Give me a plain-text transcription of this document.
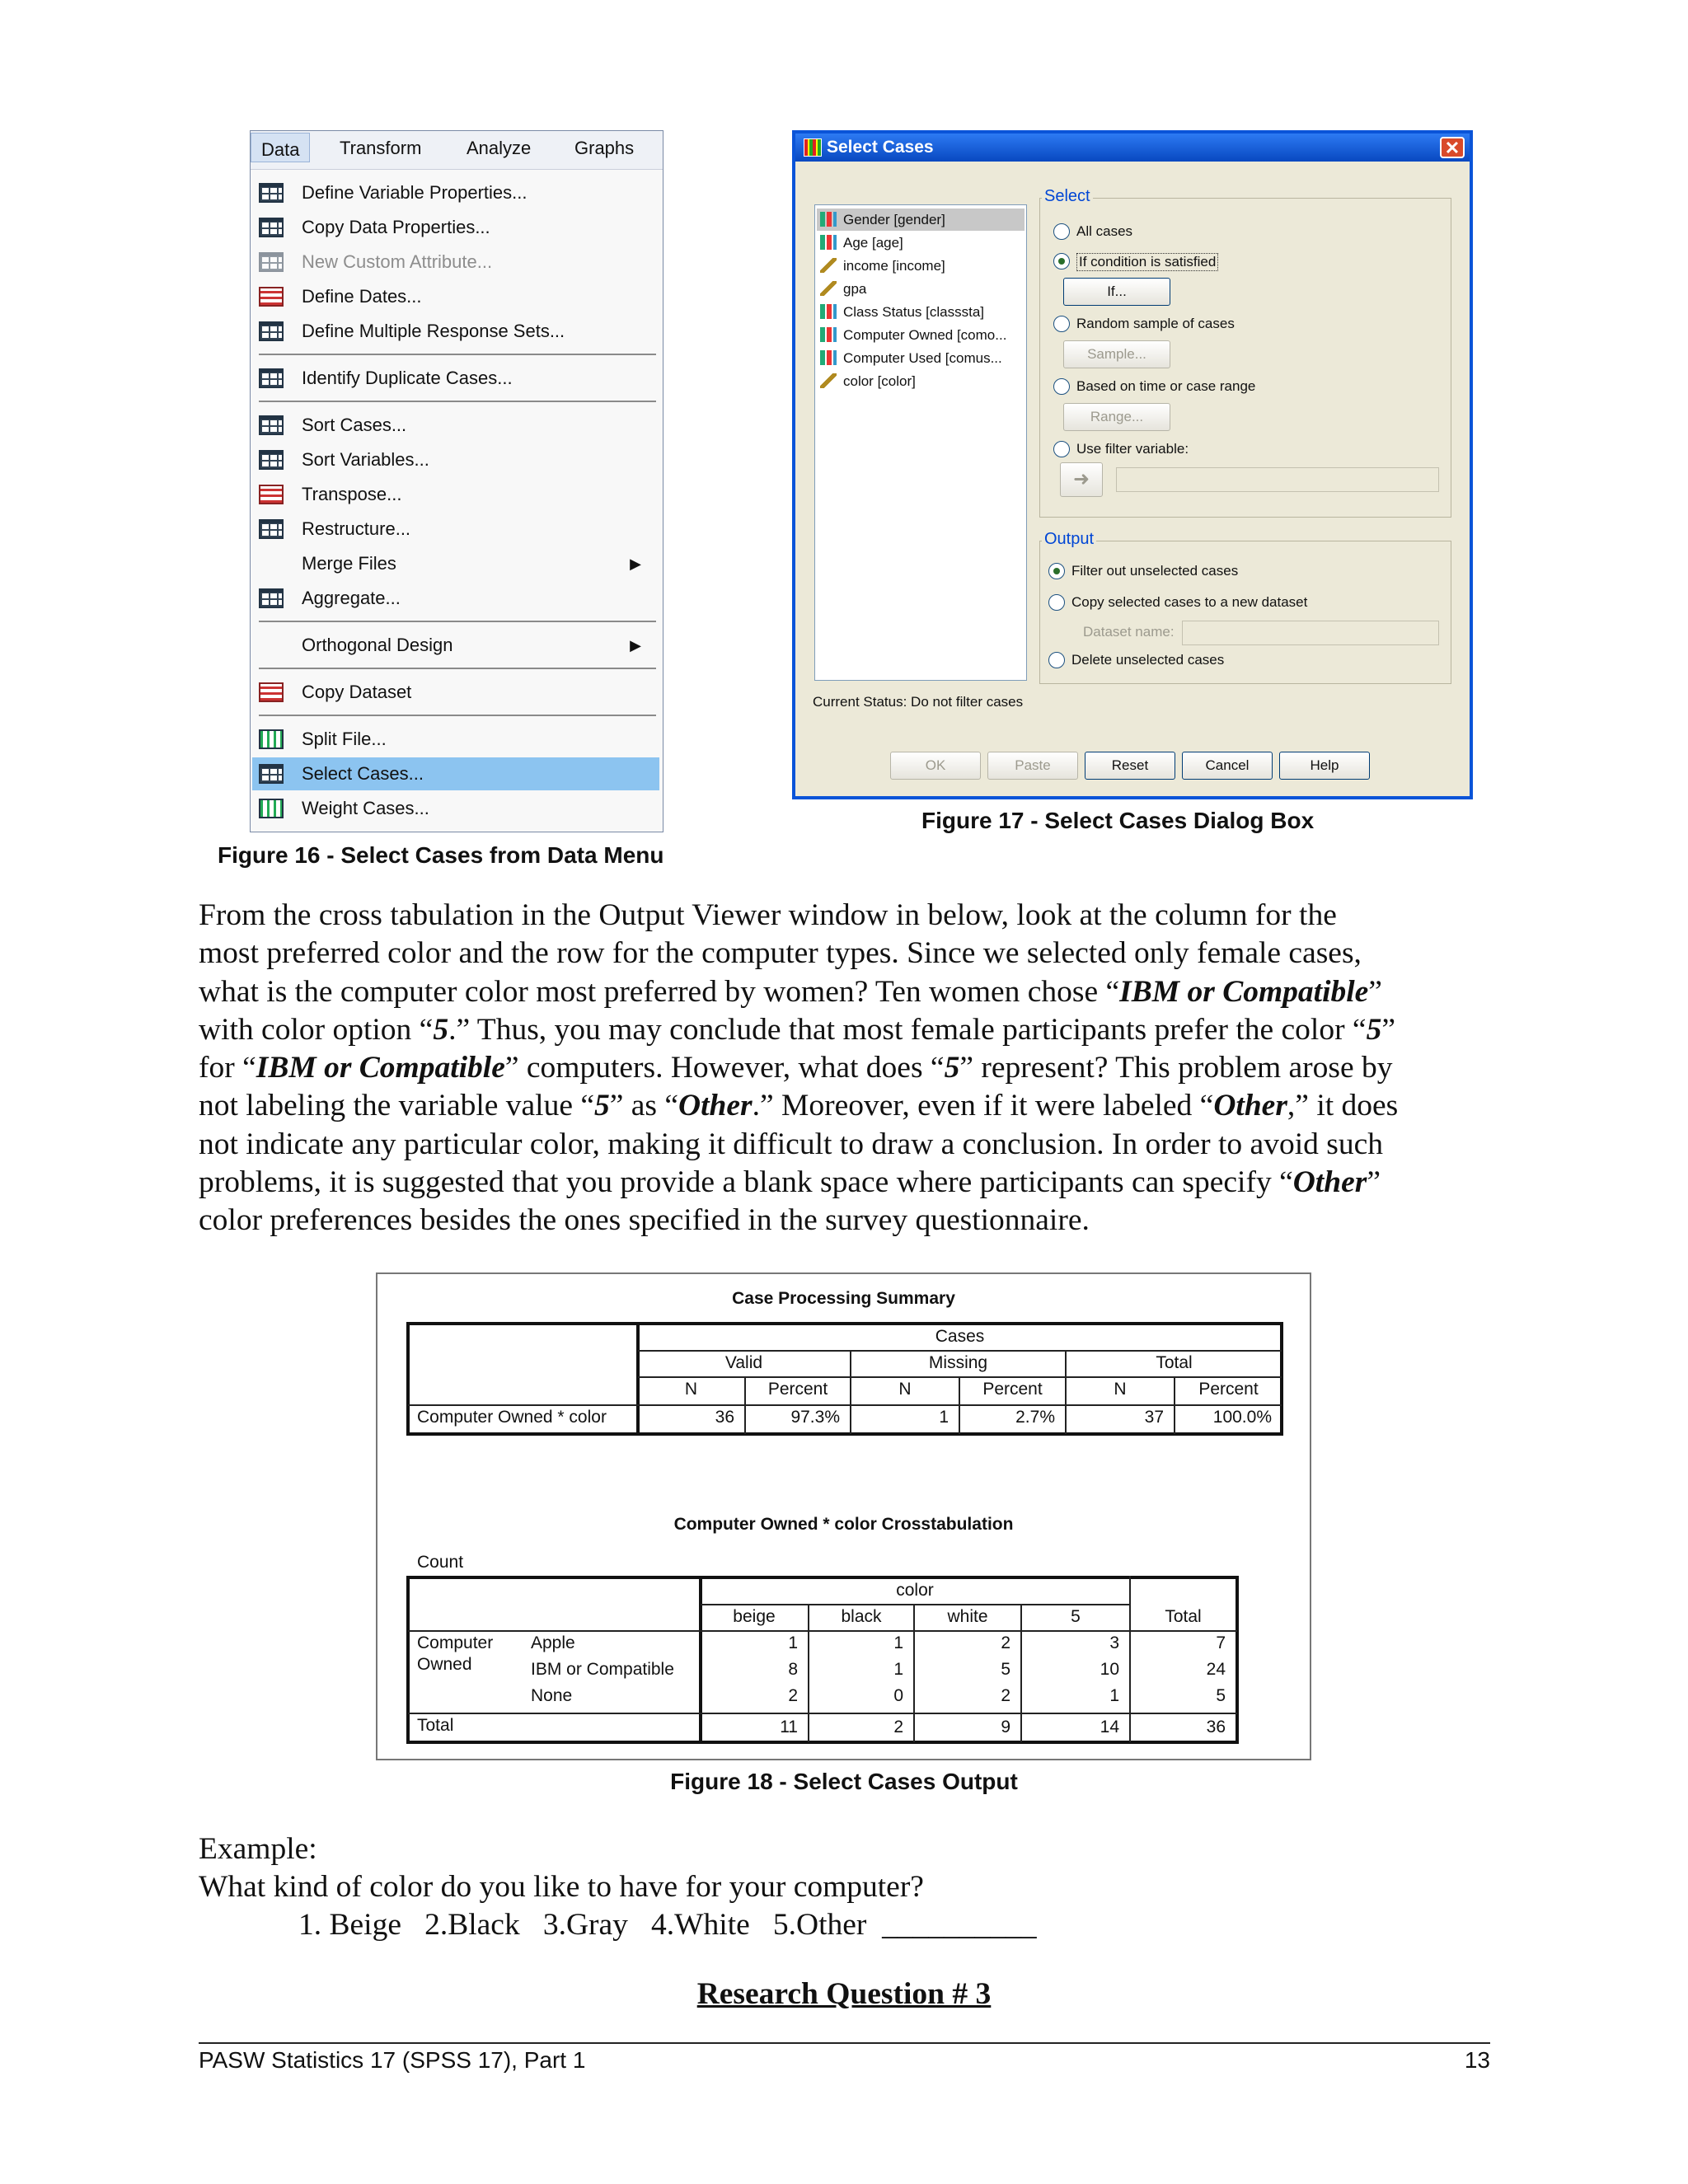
Data	Transform Analyze Graphs
Define Variable Properties...
Copy Data Properties...
New Custom Attribute...
Define Dates...
Define Multiple Response Sets...
Identify Duplicate Cases...
Sort Cases...
Sort Variables...
Transpose...
Restructure...
Merge Files	▶
Aggregate...
Orthogonal Design	▶
Copy Dataset
Split File...
Select Cases...
Weight Cases...
Figure 16 - Select Cases from Data Menu
Select Cases	✕
Gender [gender]
Age [age]
income [income]
gpa
Class Status [classsta]
Computer Owned [como...
Computer Used [comus...
color [color]
Select
All cases
If condition is satisfied
If...
Random sample of cases
Sample...
Based on time or case range
Range...
Use filter variable:
➜
Output
Filter out unselected cases
Copy selected cases to a new dataset
Dataset name:
Delete unselected cases
Current Status: Do not filter cases
OK	Paste	Reset	Cancel	Help
Figure 17 - Select Cases Dialog Box
From the cross tabulation in the Output Viewer window in below, look at the column for the
most preferred color and the row for the computer types. Since we selected only female cases,
what is the computer color most preferred by women? Ten women chose “IBM or Compatible”
with color option “5.” Thus, you may conclude that most female participants prefer the color “5”
for “IBM or Compatible” computers. However, what does “5” represent? This problem arose by
not labeling the variable value “5” as “Other.” Moreover, even if it were labeled “Other,” it does
not indicate any particular color, making it difficult to draw a conclusion. In order to avoid such
problems, it is suggested that you provide a blank space where participants can specify “Other”
color preferences besides the ones specified in the survey questionnaire.
Case Processing Summary
Cases
Valid	Missing	Total
N	Percent	N	Percent	N	Percent
Computer Owned * color	36	97.3%	1	2.7%	37	100.0%
Computer Owned * color Crosstabulation
Count
color
beige	black	white	5	Total
Computer
Owned
Apple	1	1	2	3	7
IBM or Compatible	8	1	5	10	24
None	2	0	2	1	5
Total	11	2	9	14	36
Figure 18 - Select Cases Output
Example:
What kind of color do you like to have for your computer?
1. Beige   2.Black   3.Gray   4.White   5.Other  __________
Research Question # 3
PASW Statistics 17 (SPSS 17), Part 1	13
